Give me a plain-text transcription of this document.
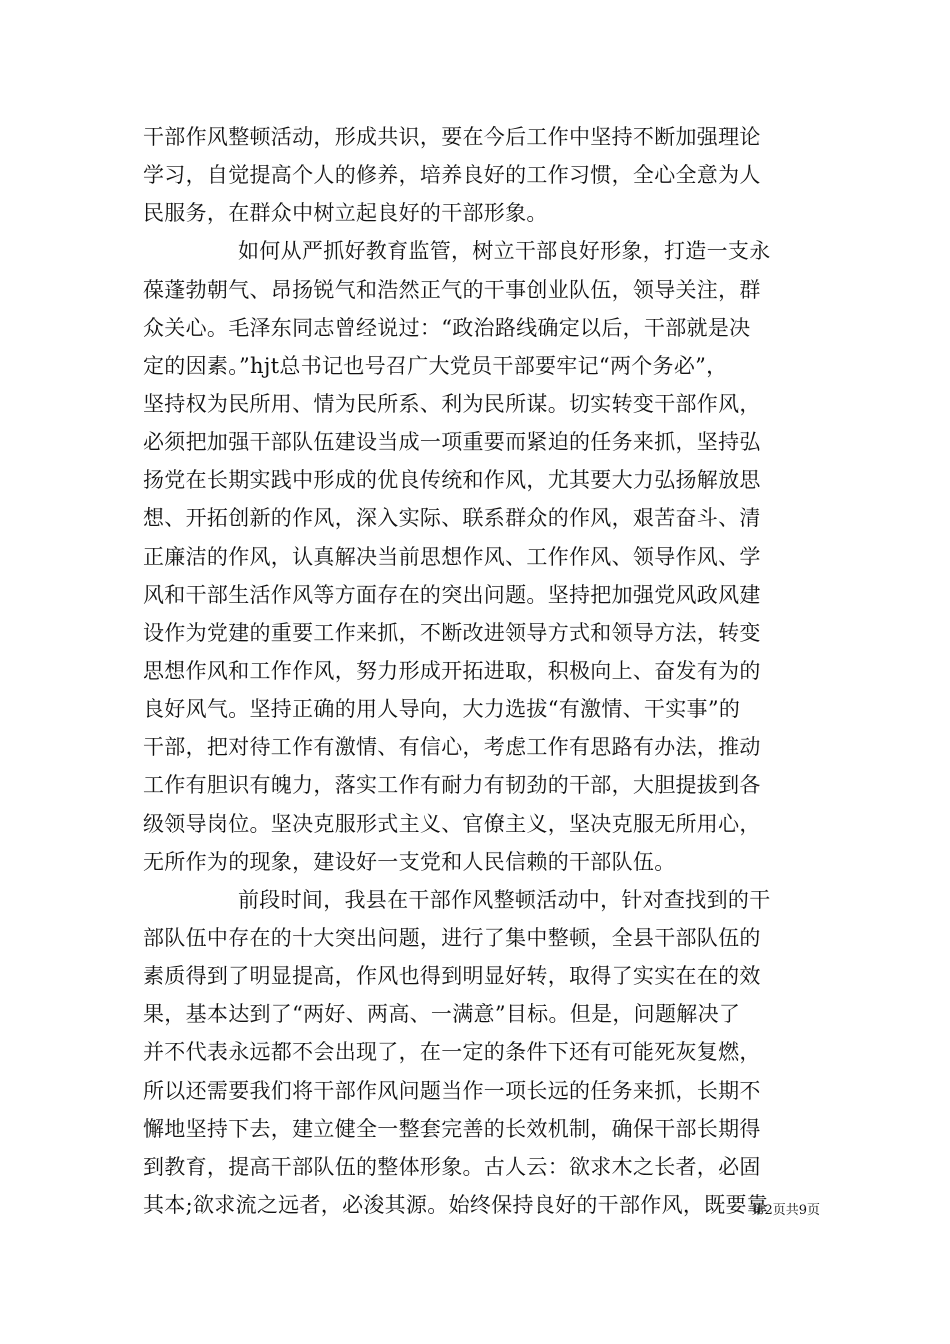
干部作风整顿活动，形成共识，要在今后工作中坚持不断加强理论
学习，自觉提高个人的修养，培养良好的工作习惯，全心全意为人
民服务，在群众中树立起良好的干部形象。
如何从严抓好教育监管，树立干部良好形象，打造一支永
葆蓬勃朝气、昂扬锐气和浩然正气的干事创业队伍，领导关注，群
众关心。毛泽东同志曾经说过：“政治路线确定以后，干部就是决
定的因素。”hjt总书记也号召广大党员干部要牢记“两个务必”，
坚持权为民所用、情为民所系、利为民所谋。切实转变干部作风，
必须把加强干部队伍建设当成一项重要而紧迫的任务来抓，坚持弘
扬党在长期实践中形成的优良传统和作风，尤其要大力弘扬解放思
想、开拓创新的作风，深入实际、联系群众的作风，艰苦奋斗、清
正廉洁的作风，认真解决当前思想作风、工作作风、领导作风、学
风和干部生活作风等方面存在的突出问题。坚持把加强党风政风建
设作为党建的重要工作来抓，不断改进领导方式和领导方法，转变
思想作风和工作作风，努力形成开拓进取，积极向上、奋发有为的
良好风气。坚持正确的用人导向，大力选拔“有激情、干实事”的
干部，把对待工作有激情、有信心，考虑工作有思路有办法，推动
工作有胆识有魄力，落实工作有耐力有韧劲的干部，大胆提拔到各
级领导岗位。坚决克服形式主义、官僚主义，坚决克服无所用心，
无所作为的现象，建设好一支党和人民信赖的干部队伍。
前段时间，我县在干部作风整顿活动中，针对查找到的干
部队伍中存在的十大突出问题，进行了集中整顿，全县干部队伍的
素质得到了明显提高，作风也得到明显好转，取得了实实在在的效
果，基本达到了“两好、两高、一满意”目标。但是，问题解决了
并不代表永远都不会出现了，在一定的条件下还有可能死灰复燃，
所以还需要我们将干部作风问题当作一项长远的任务来抓，长期不
懈地坚持下去，建立健全一整套完善的长效机制，确保干部长期得
到教育，提高干部队伍的整体形象。古人云：欲求木之长者，必固
其本;欲求流之远者，必浚其源。始终保持良好的干部作风，既要靠
第2页共9页
